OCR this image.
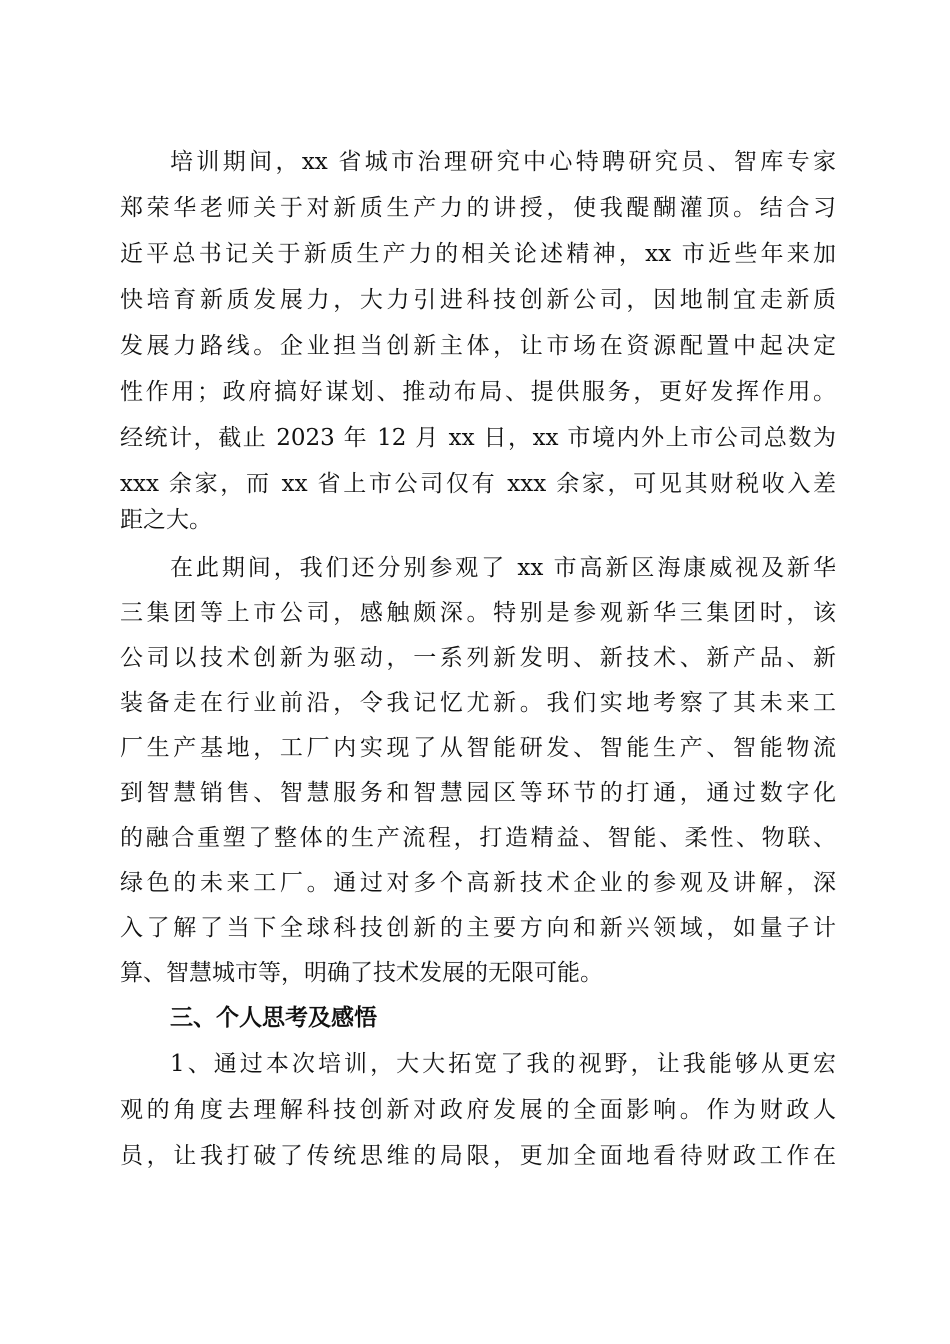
培训期间，xx 省城市治理研究中心特聘研究员、智库专家
郑荣华老师关于对新质生产力的讲授，使我醍醐灌顶。结合习
近平总书记关于新质生产力的相关论述精神，xx 市近些年来加
快培育新质发展力，大力引进科技创新公司，因地制宜走新质
发展力路线。企业担当创新主体，让市场在资源配置中起决定
性作用；政府搞好谋划、推动布局、提供服务，更好发挥作用。
经统计，截止 2023 年 12 月 xx 日，xx 市境内外上市公司总数为
xxx 余家，而 xx 省上市公司仅有 xxx 余家，可见其财税收入差
距之大。
在此期间，我们还分别参观了 xx 市高新区海康威视及新华
三集团等上市公司，感触颇深。特别是参观新华三集团时，该
公司以技术创新为驱动，一系列新发明、新技术、新产品、新
装备走在行业前沿，令我记忆尤新。我们实地考察了其未来工
厂生产基地，工厂内实现了从智能研发、智能生产、智能物流
到智慧销售、智慧服务和智慧园区等环节的打通，通过数字化
的融合重塑了整体的生产流程，打造精益、智能、柔性、物联、
绿色的未来工厂。通过对多个高新技术企业的参观及讲解，深
入了解了当下全球科技创新的主要方向和新兴领域，如量子计
算、智慧城市等，明确了技术发展的无限可能。
三、个人思考及感悟
1、通过本次培训，大大拓宽了我的视野，让我能够从更宏
观的角度去理解科技创新对政府发展的全面影响。作为财政人
员，让我打破了传统思维的局限，更加全面地看待财政工作在
